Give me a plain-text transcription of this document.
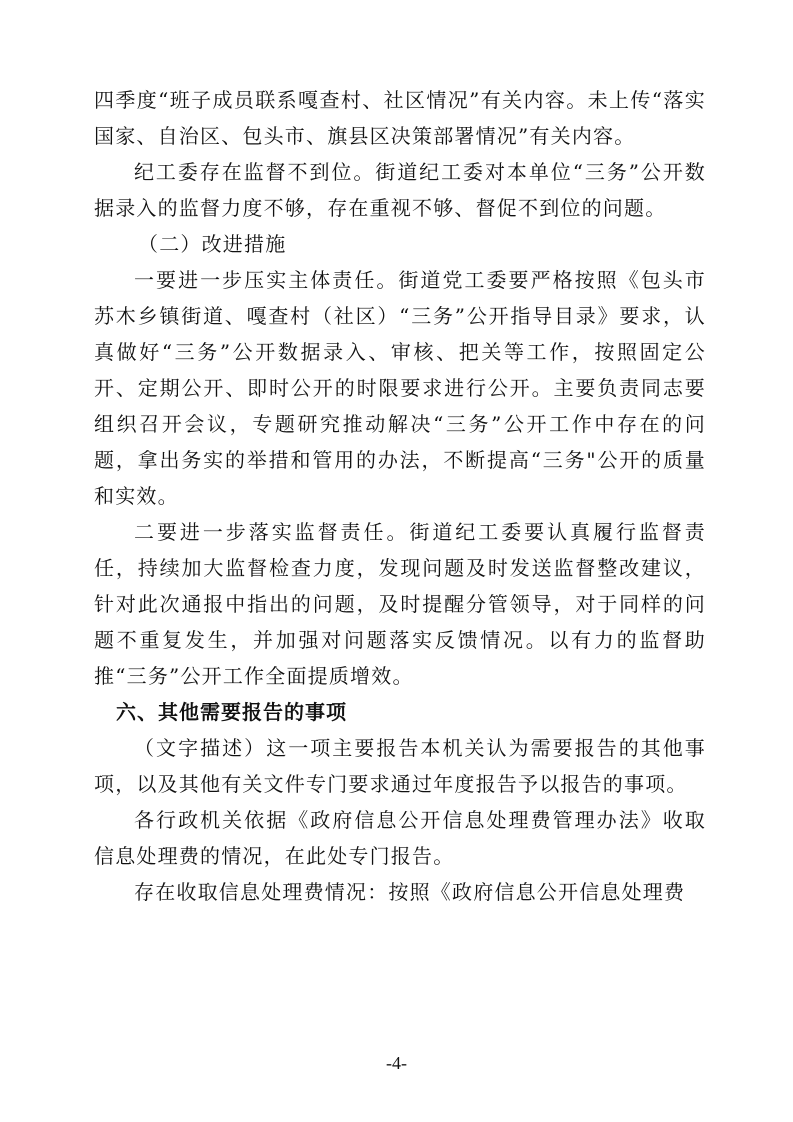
四季度“班子成员联系嘎查村、社区情况”有关内容。未上传“落实国家、自治区、包头市、旗县区决策部署情况”有关内容。

纪工委存在监督不到位。街道纪工委对本单位“三务”公开数据录入的监督力度不够，存在重视不够、督促不到位的问题。

（二）改进措施

一要进一步压实主体责任。街道党工委要严格按照《包头市苏木乡镇街道、嘎查村（社区）“三务”公开指导目录》要求，认真做好“三务”公开数据录入、审核、把关等工作，按照固定公开、定期公开、即时公开的时限要求进行公开。主要负责同志要组织召开会议，专题研究推动解决“三务”公开工作中存在的问题，拿出务实的举措和管用的办法，不断提高“三务"公开的质量和实效。

二要进一步落实监督责任。街道纪工委要认真履行监督责任，持续加大监督检查力度，发现问题及时发送监督整改建议，针对此次通报中指出的问题，及时提醒分管领导，对于同样的问题不重复发生，并加强对问题落实反馈情况。以有力的监督助推“三务”公开工作全面提质增效。

六、其他需要报告的事项

（文字描述）这一项主要报告本机关认为需要报告的其他事项，以及其他有关文件专门要求通过年度报告予以报告的事项。

各行政机关依据《政府信息公开信息处理费管理办法》收取信息处理费的情况，在此处专门报告。

存在收取信息处理费情况：按照《政府信息公开信息处理费

-4-
